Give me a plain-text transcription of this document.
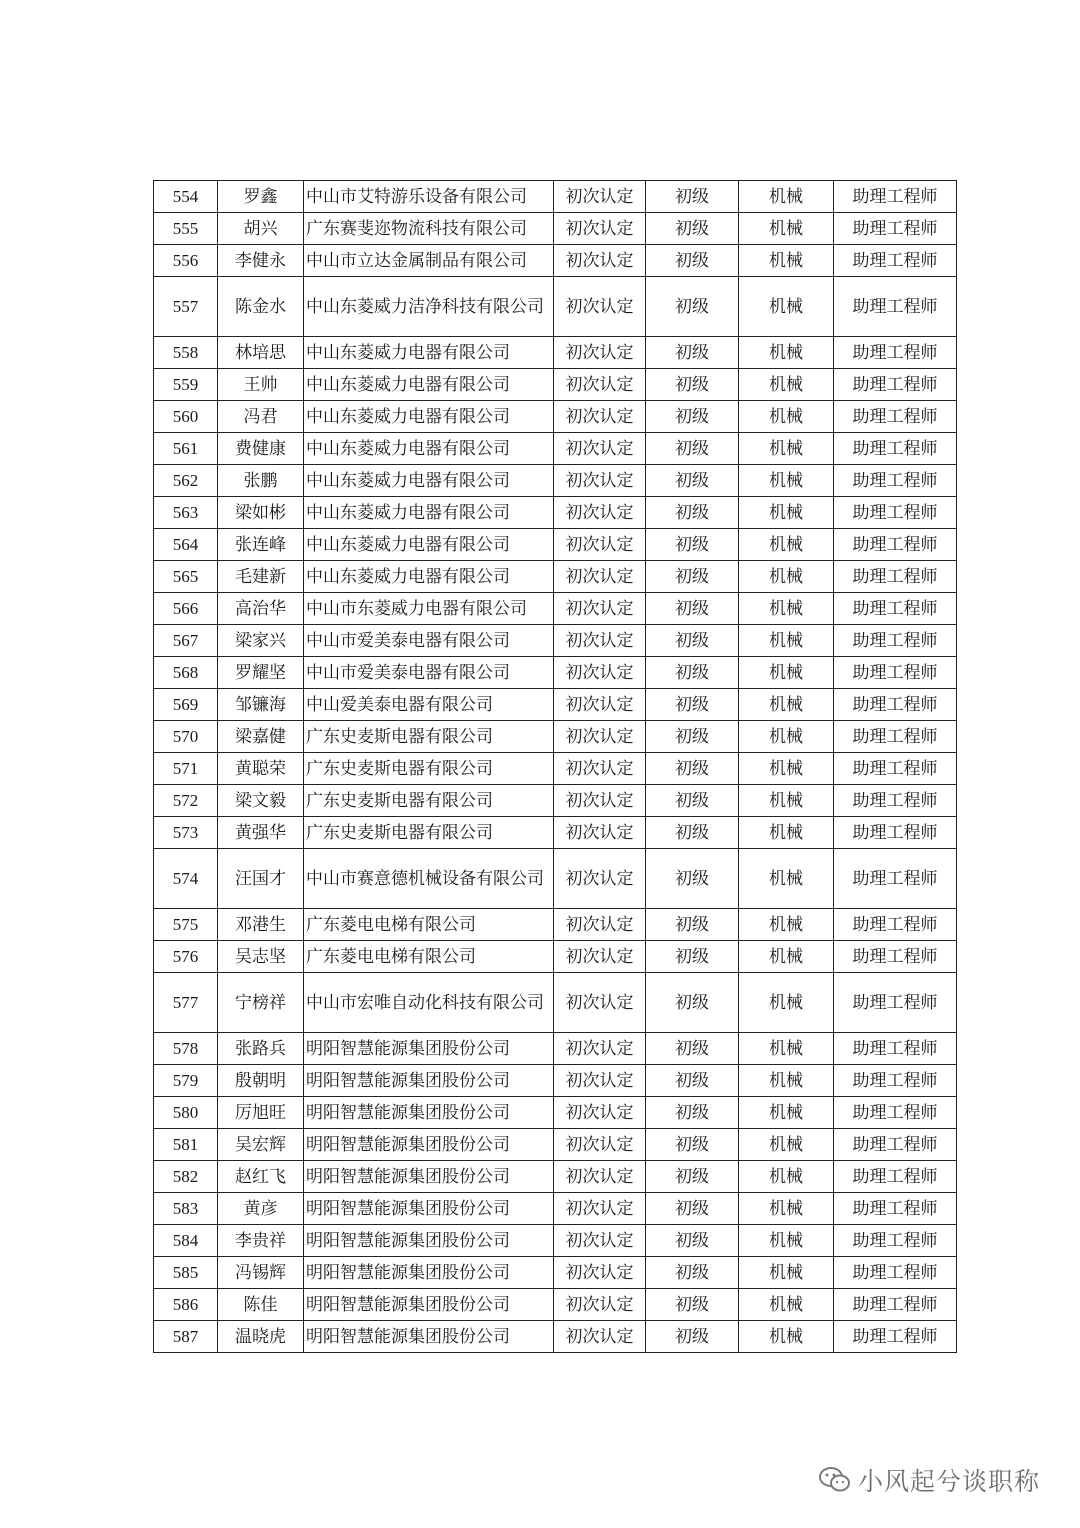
554	罗鑫	中山市艾特游乐设备有限公司	初次认定	初级	机械	助理工程师
555	胡兴	广东赛斐迩物流科技有限公司	初次认定	初级	机械	助理工程师
556	李健永	中山市立达金属制品有限公司	初次认定	初级	机械	助理工程师
557	陈金水	中山东菱威力洁净科技有限公司	初次认定	初级	机械	助理工程师
558	林培思	中山东菱威力电器有限公司	初次认定	初级	机械	助理工程师
559	王帅	中山东菱威力电器有限公司	初次认定	初级	机械	助理工程师
560	冯君	中山东菱威力电器有限公司	初次认定	初级	机械	助理工程师
561	费健康	中山东菱威力电器有限公司	初次认定	初级	机械	助理工程师
562	张鹏	中山东菱威力电器有限公司	初次认定	初级	机械	助理工程师
563	梁如彬	中山东菱威力电器有限公司	初次认定	初级	机械	助理工程师
564	张连峰	中山东菱威力电器有限公司	初次认定	初级	机械	助理工程师
565	毛建新	中山东菱威力电器有限公司	初次认定	初级	机械	助理工程师
566	高治华	中山市东菱威力电器有限公司	初次认定	初级	机械	助理工程师
567	梁家兴	中山市爱美泰电器有限公司	初次认定	初级	机械	助理工程师
568	罗耀坚	中山市爱美泰电器有限公司	初次认定	初级	机械	助理工程师
569	邹镰海	中山爱美泰电器有限公司	初次认定	初级	机械	助理工程师
570	梁嘉健	广东史麦斯电器有限公司	初次认定	初级	机械	助理工程师
571	黄聪荣	广东史麦斯电器有限公司	初次认定	初级	机械	助理工程师
572	梁文毅	广东史麦斯电器有限公司	初次认定	初级	机械	助理工程师
573	黄强华	广东史麦斯电器有限公司	初次认定	初级	机械	助理工程师
574	汪国才	中山市赛意德机械设备有限公司	初次认定	初级	机械	助理工程师
575	邓港生	广东菱电电梯有限公司	初次认定	初级	机械	助理工程师
576	吴志坚	广东菱电电梯有限公司	初次认定	初级	机械	助理工程师
577	宁榜祥	中山市宏唯自动化科技有限公司	初次认定	初级	机械	助理工程师
578	张路兵	明阳智慧能源集团股份公司	初次认定	初级	机械	助理工程师
579	殷朝明	明阳智慧能源集团股份公司	初次认定	初级	机械	助理工程师
580	厉旭旺	明阳智慧能源集团股份公司	初次认定	初级	机械	助理工程师
581	吴宏辉	明阳智慧能源集团股份公司	初次认定	初级	机械	助理工程师
582	赵红飞	明阳智慧能源集团股份公司	初次认定	初级	机械	助理工程师
583	黄彦	明阳智慧能源集团股份公司	初次认定	初级	机械	助理工程师
584	李贵祥	明阳智慧能源集团股份公司	初次认定	初级	机械	助理工程师
585	冯锡辉	明阳智慧能源集团股份公司	初次认定	初级	机械	助理工程师
586	陈佳	明阳智慧能源集团股份公司	初次认定	初级	机械	助理工程师
587	温晓虎	明阳智慧能源集团股份公司	初次认定	初级	机械	助理工程师
小风起兮谈职称
